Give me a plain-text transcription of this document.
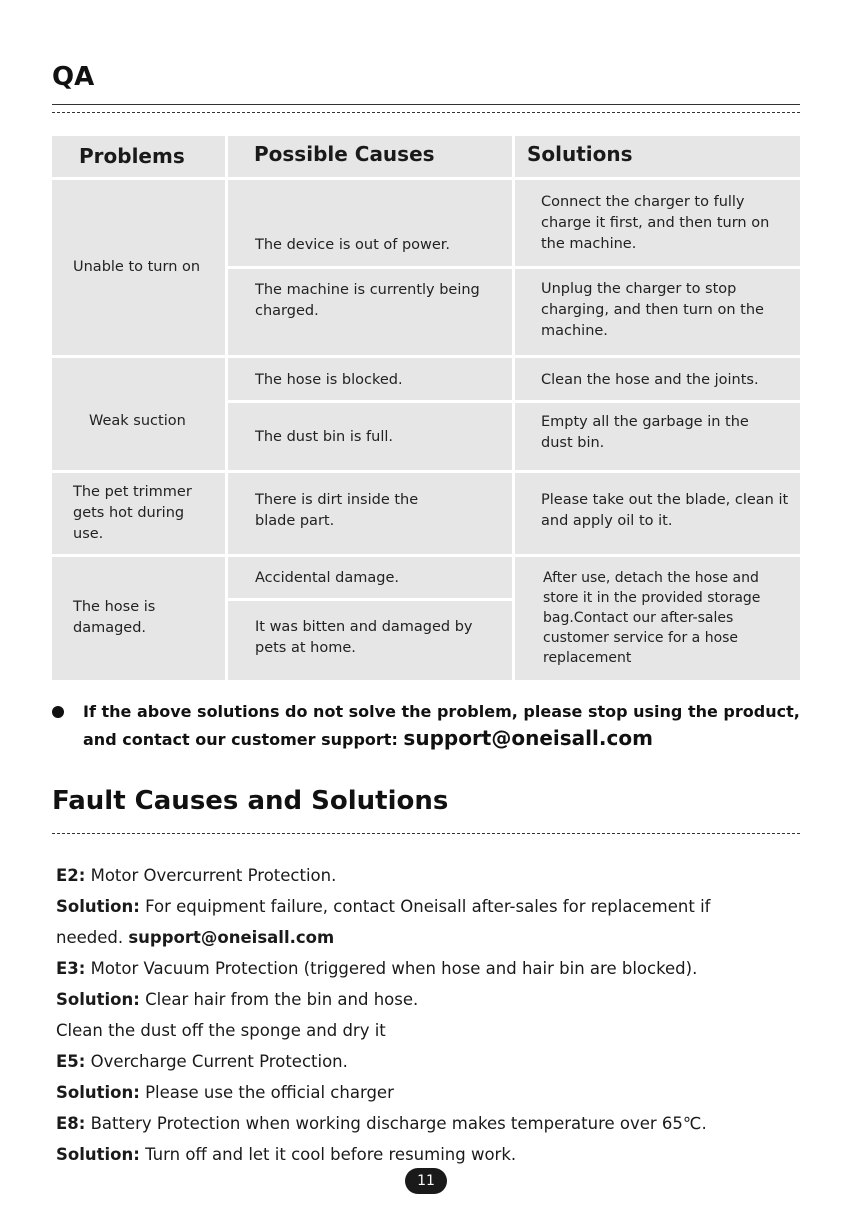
QA
Problems	Possible Causes	Solutions
Unable to turn on
The device is out of power.
The machine is currently being charged.
Connect the charger to fully charge it first, and then turn on the machine.
Unplug the charger to stop charging, and then turn on the machine.
Weak suction
The hose is blocked.
The dust bin is full.
Clean the hose and the joints.
Empty all the garbage in the dust bin.
The pet trimmer gets hot during use.
There is dirt inside the blade part.
Please take out the blade, clean it and apply oil to it.
The hose is damaged.
Accidental damage.
It was bitten and damaged by pets at home.
After use, detach the hose and store it in the provided storage bag.Contact our after-sales customer service for a hose replacement
If the above solutions do not solve the problem, please stop using the product, and contact our customer support: support@oneisall.com
Fault Causes and Solutions
E2: Motor Overcurrent Protection.
Solution: For equipment failure, contact Oneisall after-sales for replacement if
needed. support@oneisall.com
E3: Motor Vacuum Protection (triggered when hose and hair bin are blocked).
Solution: Clear hair from the bin and hose.
Clean the dust off the sponge and dry it
E5: Overcharge Current Protection.
Solution: Please use the official charger
E8: Battery Protection when working discharge makes temperature over 65℃.
Solution: Turn off and let it cool before resuming work.
11
